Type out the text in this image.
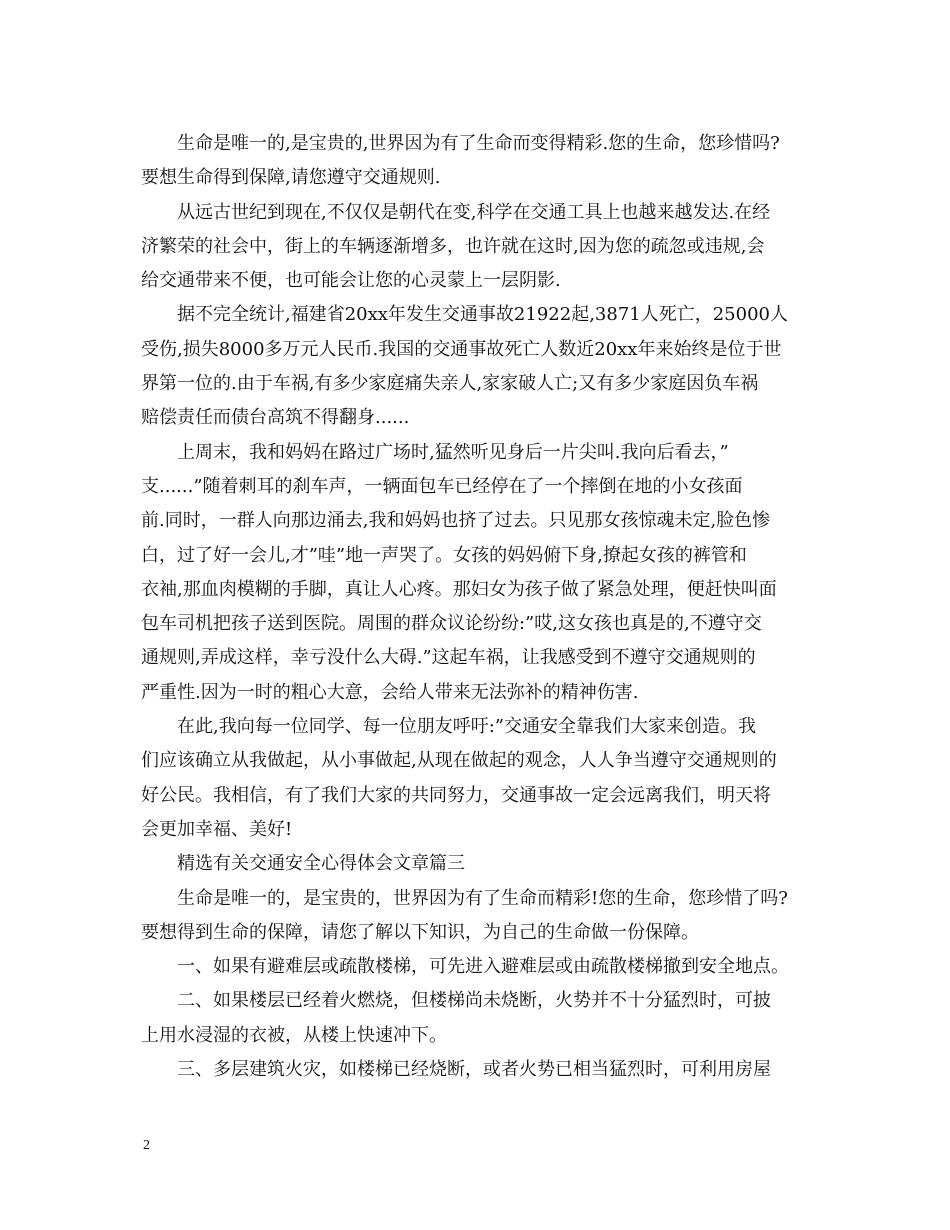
生命是唯一的,是宝贵的,世界因为有了生命而变得精彩.您的生命，您珍惜吗?
要想生命得到保障,请您遵守交通规则.
从远古世纪到现在,不仅仅是朝代在变,科学在交通工具上也越来越发达.在经
济繁荣的社会中，街上的车辆逐渐增多，也许就在这时,因为您的疏忽或违规,会
给交通带来不便，也可能会让您的心灵蒙上一层阴影.
据不完全统计,福建省20xx年发生交通事故21922起,3871人死亡，25000人
受伤,损失8000多万元人民币.我国的交通事故死亡人数近20xx年来始终是位于世
界第一位的.由于车祸,有多少家庭痛失亲人,家家破人亡;又有多少家庭因负车祸
赔偿责任而债台高筑不得翻身......
上周末，我和妈妈在路过广场时,猛然听见身后一片尖叫.我向后看去，”
支......”随着刺耳的刹车声，一辆面包车已经停在了一个摔倒在地的小女孩面
前.同时，一群人向那边涌去,我和妈妈也挤了过去。只见那女孩惊魂未定,脸色惨
白，过了好一会儿,才”哇”地一声哭了。女孩的妈妈俯下身,撩起女孩的裤管和
衣袖,那血肉模糊的手脚，真让人心疼。那妇女为孩子做了紧急处理，便赶快叫面
包车司机把孩子送到医院。周围的群众议论纷纷:”哎,这女孩也真是的,不遵守交
通规则,弄成这样，幸亏没什么大碍.”这起车祸，让我感受到不遵守交通规则的
严重性.因为一时的粗心大意，会给人带来无法弥补的精神伤害.
在此,我向每一位同学、每一位朋友呼吁:”交通安全靠我们大家来创造。我
们应该确立从我做起，从小事做起,从现在做起的观念，人人争当遵守交通规则的
好公民。我相信，有了我们大家的共同努力，交通事故一定会远离我们，明天将
会更加幸福、美好!
精选有关交通安全心得体会文章篇三
生命是唯一的，是宝贵的，世界因为有了生命而精彩!您的生命，您珍惜了吗?
要想得到生命的保障，请您了解以下知识，为自己的生命做一份保障。
一、如果有避难层或疏散楼梯，可先进入避难层或由疏散楼梯撤到安全地点。
二、如果楼层已经着火燃烧，但楼梯尚未烧断，火势并不十分猛烈时，可披
上用水浸湿的衣被，从楼上快速冲下。
三、多层建筑火灾，如楼梯已经烧断，或者火势已相当猛烈时，可利用房屋
2
